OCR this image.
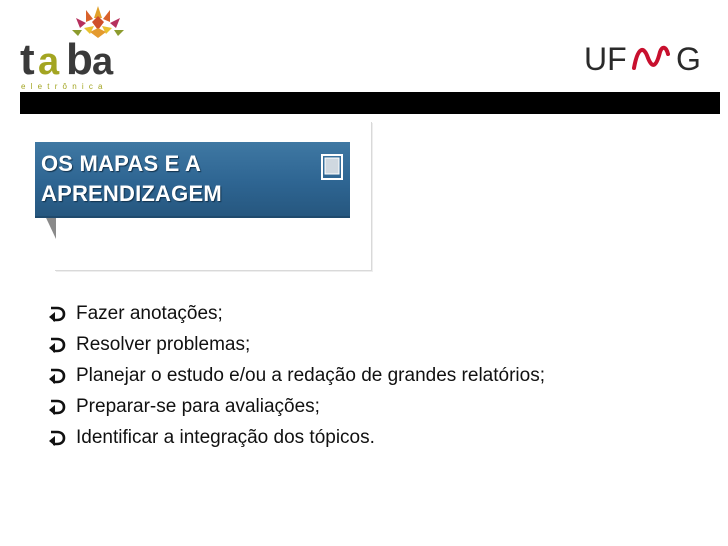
t a b a
eletrônica
UF G
OS MAPAS E A
APRENDIZAGEM
Fazer anotações;
Resolver problemas;
Planejar o estudo e/ou a redação de grandes relatórios;
Preparar-se para avaliações;
Identificar a integração dos tópicos.
